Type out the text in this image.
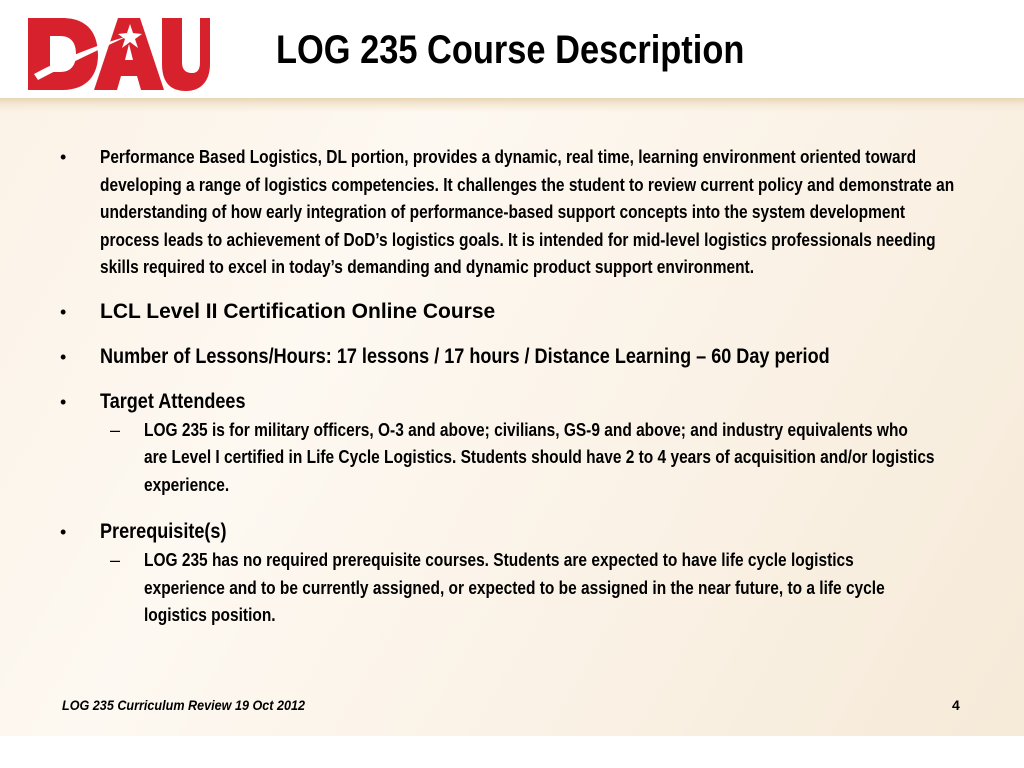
DAU
LOG 235 Course Description
• Performance Based Logistics, DL portion, provides a dynamic, real time, learning environment oriented toward developing a range of logistics competencies. It challenges the student to review current policy and demonstrate an understanding of how early integration of performance-based support concepts into the system development process leads to achievement of DoD’s logistics goals. It is intended for mid-level logistics professionals needing skills required to excel in today’s demanding and dynamic product support environment.
• LCL Level II Certification Online Course
• Number of Lessons/Hours: 17 lessons / 17 hours / Distance Learning – 60 Day period
• Target Attendees
– LOG 235 is for military officers, O-3 and above; civilians, GS-9 and above; and industry equivalents who are Level I certified in Life Cycle Logistics. Students should have 2 to 4 years of acquisition and/or logistics experience.
• Prerequisite(s)
– LOG 235 has no required prerequisite courses. Students are expected to have life cycle logistics experience and to be currently assigned, or expected to be assigned in the near future, to a life cycle logistics position.
LOG 235 Curriculum Review 19 Oct 2012	4
